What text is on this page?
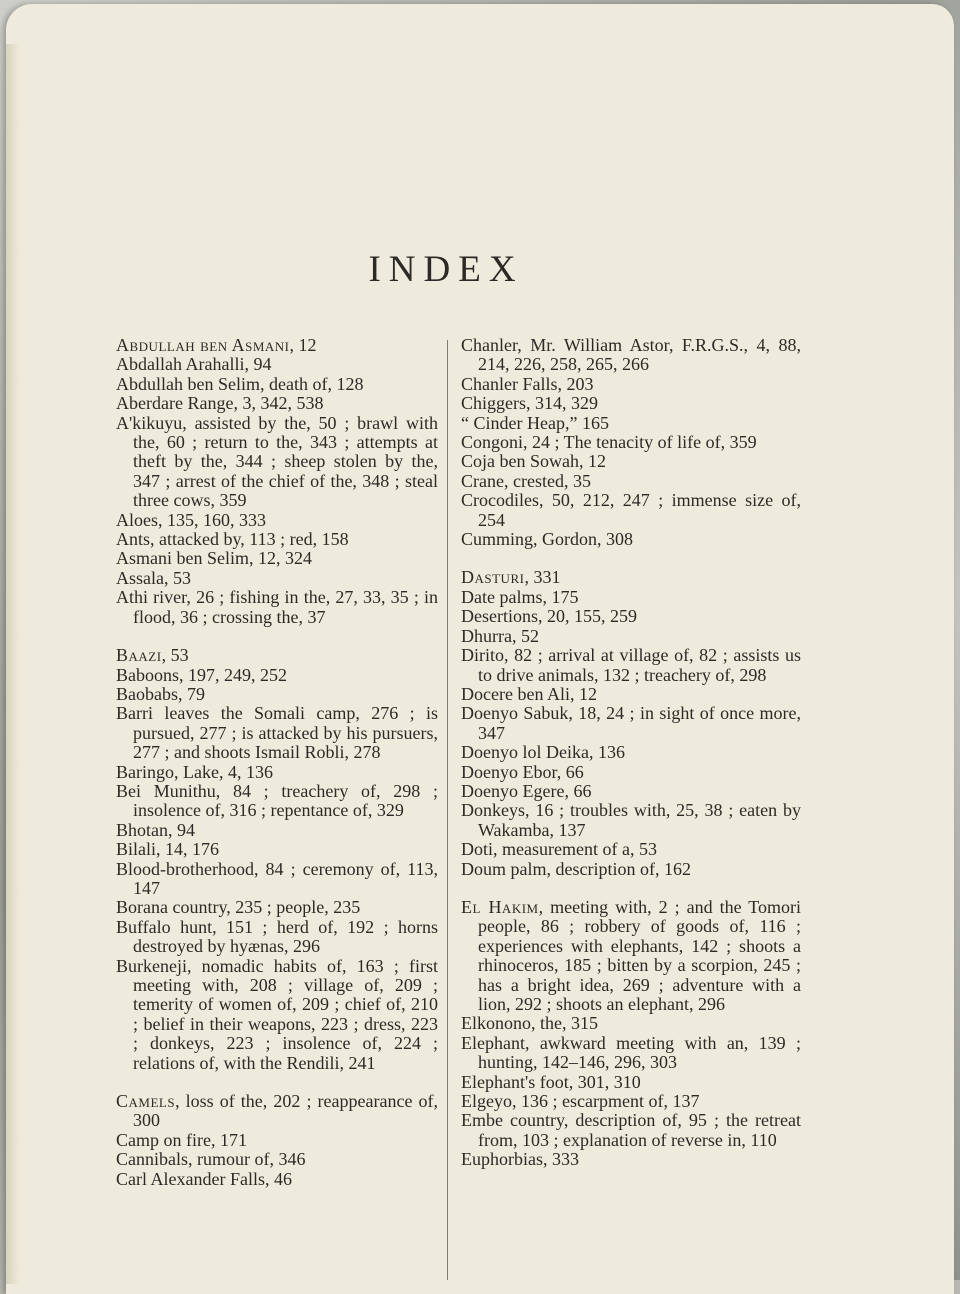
INDEX

Abdullah ben Asmani, 12

Abdallah Arahalli, 94

Abdullah ben Selim, death of, 128

Aberdare Range, 3, 342, 538

A'kikuyu, assisted by the, 50 ; brawl with the, 60 ; return to the, 343 ; attempts at theft by the, 344 ; sheep stolen by the, 347 ; arrest of the chief of the, 348 ; steal three cows, 359

Aloes, 135, 160, 333

Ants, attacked by, 113 ; red, 158

Asmani ben Selim, 12, 324

Assala, 53

Athi river, 26 ; fishing in the, 27, 33, 35 ; in flood, 36 ; crossing the, 37

Baazi, 53

Baboons, 197, 249, 252

Baobabs, 79

Barri leaves the Somali camp, 276 ; is pursued, 277 ; is attacked by his pursuers, 277 ; and shoots Ismail Robli, 278

Baringo, Lake, 4, 136

Bei Munithu, 84 ; treachery of, 298 ; insolence of, 316 ; repentance of, 329

Bhotan, 94

Bilali, 14, 176

Blood-brotherhood, 84 ; ceremony of, 113, 147

Borana country, 235 ; people, 235

Buffalo hunt, 151 ; herd of, 192 ; horns destroyed by hyænas, 296

Burkeneji, nomadic habits of, 163 ; first meeting with, 208 ; village of, 209 ; temerity of women of, 209 ; chief of, 210 ; belief in their weapons, 223 ; dress, 223 ; donkeys, 223 ; insolence of, 224 ; relations of, with the Rendili, 241

Camels, loss of the, 202 ; reappearance of, 300

Camp on fire, 171

Cannibals, rumour of, 346

Carl Alexander Falls, 46

Chanler, Mr. William Astor, F.R.G.S., 4, 88, 214, 226, 258, 265, 266

Chanler Falls, 203

Chiggers, 314, 329

“ Cinder Heap,” 165

Congoni, 24 ; The tenacity of life of, 359

Coja ben Sowah, 12

Crane, crested, 35

Crocodiles, 50, 212, 247 ; immense size of, 254

Cumming, Gordon, 308

Dasturi, 331

Date palms, 175

Desertions, 20, 155, 259

Dhurra, 52

Dirito, 82 ; arrival at village of, 82 ; assists us to drive animals, 132 ; treachery of, 298

Docere ben Ali, 12

Doenyo Sabuk, 18, 24 ; in sight of once more, 347

Doenyo lol Deika, 136

Doenyo Ebor, 66

Doenyo Egere, 66

Donkeys, 16 ; troubles with, 25, 38 ; eaten by Wakamba, 137

Doti, measurement of a, 53

Doum palm, description of, 162

El Hakim, meeting with, 2 ; and the Tomori people, 86 ; robbery of goods of, 116 ; experiences with elephants, 142 ; shoots a rhinoceros, 185 ; bitten by a scorpion, 245 ; has a bright idea, 269 ; adventure with a lion, 292 ; shoots an elephant, 296

Elkonono, the, 315

Elephant, awkward meeting with an, 139 ; hunting, 142–146, 296, 303

Elephant's foot, 301, 310

Elgeyo, 136 ; escarpment of, 137

Embe country, description of, 95 ; the retreat from, 103 ; explanation of reverse in, 110

Euphorbias, 333
